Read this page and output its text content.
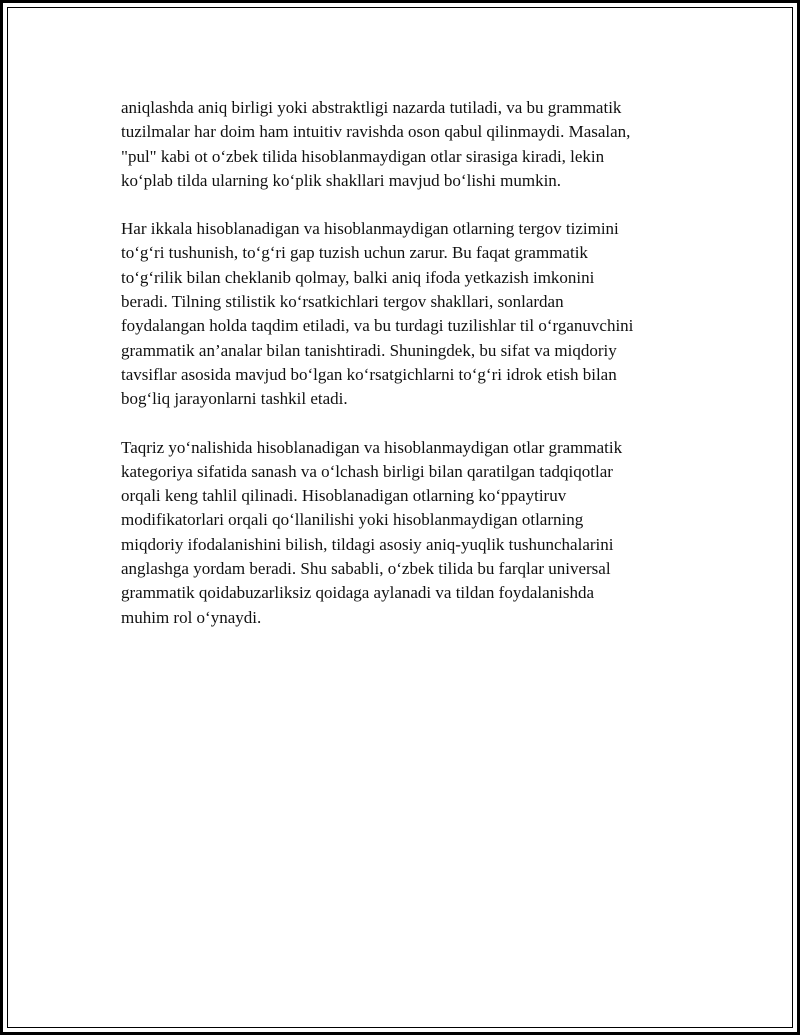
aniqlashda aniq birligi yoki abstraktligi nazarda tutiladi, va bu grammatik
tuzilmalar har doim ham intuitiv ravishda oson qabul qilinmaydi. Masalan,
"pul" kabi ot o‘zbek tilida hisoblanmaydigan otlar sirasiga kiradi, lekin
ko‘plab tilda ularning ko‘plik shakllari mavjud bo‘lishi mumkin.

Har ikkala hisoblanadigan va hisoblanmaydigan otlarning tergov tizimini
to‘g‘ri tushunish, to‘g‘ri gap tuzish uchun zarur. Bu faqat grammatik
to‘g‘rilik bilan cheklanib qolmay, balki aniq ifoda yetkazish imkonini
beradi. Tilning stilistik ko‘rsatkichlari tergov shakllari, sonlardan
foydalangan holda taqdim etiladi, va bu turdagi tuzilishlar til o‘rganuvchini
grammatik an’analar bilan tanishtiradi. Shuningdek, bu sifat va miqdoriy
tavsiflar asosida mavjud bo‘lgan ko‘rsatgichlarni to‘g‘ri idrok etish bilan
bog‘liq jarayonlarni tashkil etadi.

Taqriz yo‘nalishida hisoblanadigan va hisoblanmaydigan otlar grammatik
kategoriya sifatida sanash va o‘lchash birligi bilan qaratilgan tadqiqotlar
orqali keng tahlil qilinadi. Hisoblanadigan otlarning ko‘ppaytiruv
modifikatorlari orqali qo‘llanilishi yoki hisoblanmaydigan otlarning
miqdoriy ifodalanishini bilish, tildagi asosiy aniq-yuqlik tushunchalarini
anglashga yordam beradi. Shu sababli, o‘zbek tilida bu farqlar universal
grammatik qoidabuzarliksiz qoidaga aylanadi va tildan foydalanishda
muhim rol o‘ynaydi.
